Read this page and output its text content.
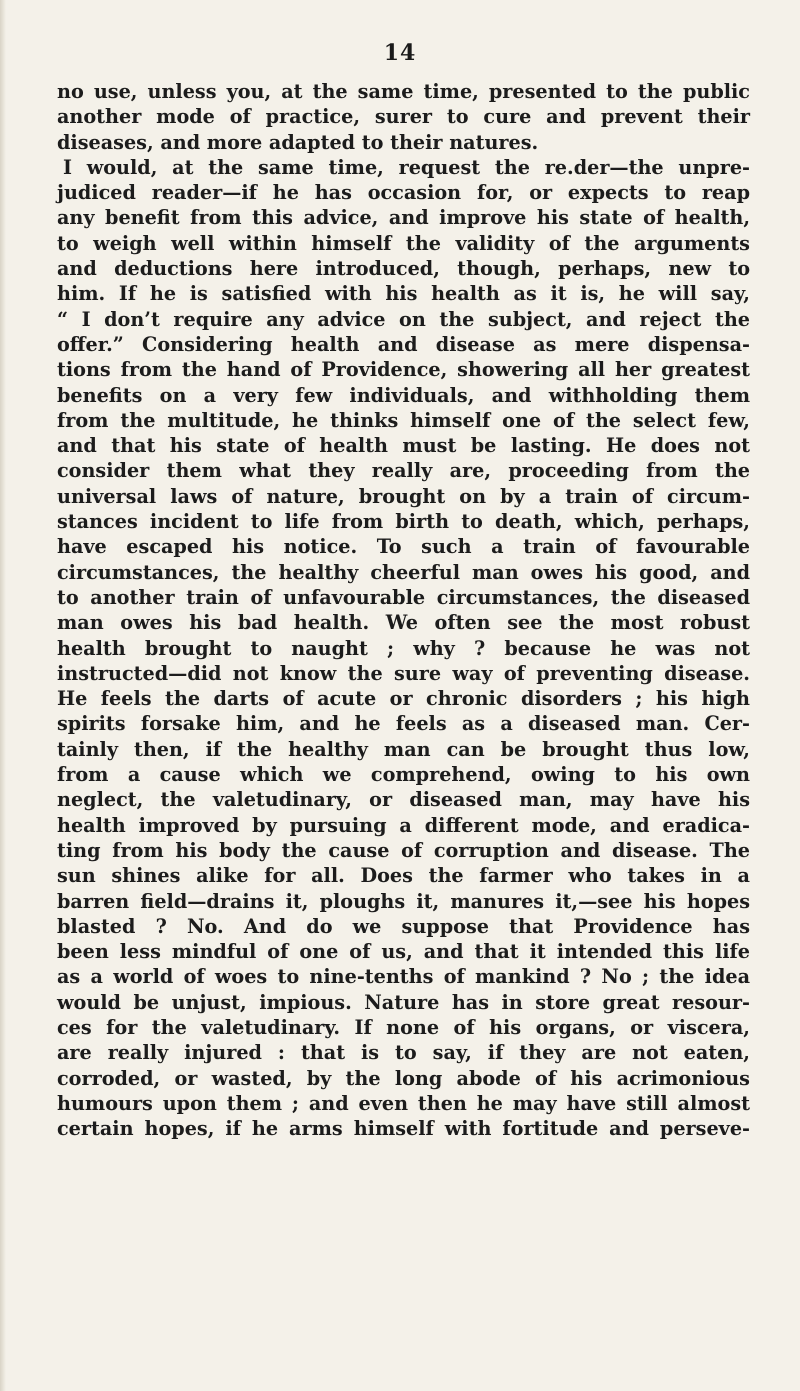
14
no use, unless you, at the same time, presented to the public
another mode of practice, surer to cure and prevent their
diseases, and more adapted to their natures.
I would, at the same time, request the re.der—the unpre-
judiced reader—if he has occasion for, or expects to reap
any benefit from this advice, and improve his state of health,
to weigh well within himself the validity of the arguments
and deductions here introduced, though, perhaps, new to
him. If he is satisfied with his health as it is, he will say,
“ I don’t require any advice on the subject, and reject the
offer.” Considering health and disease as mere dispensa-
tions from the hand of Providence, showering all her greatest
benefits on a very few individuals, and withholding them
from the multitude, he thinks himself one of the select few,
and that his state of health must be lasting. He does not
consider them what they really are, proceeding from the
universal laws of nature, brought on by a train of circum-
stances incident to life from birth to death, which, perhaps,
have escaped his notice. To such a train of favourable
circumstances, the healthy cheerful man owes his good, and
to another train of unfavourable circumstances, the diseased
man owes his bad health. We often see the most robust
health brought to naught ; why ? because he was not
instructed—did not know the sure way of preventing disease.
He feels the darts of acute or chronic disorders ; his high
spirits forsake him, and he feels as a diseased man. Cer-
tainly then, if the healthy man can be brought thus low,
from a cause which we comprehend, owing to his own
neglect, the valetudinary, or diseased man, may have his
health improved by pursuing a different mode, and eradica-
ting from his body the cause of corruption and disease. The
sun shines alike for all. Does the farmer who takes in a
barren field—drains it, ploughs it, manures it,—see his hopes
blasted ? No. And do we suppose that Providence has
been less mindful of one of us, and that it intended this life
as a world of woes to nine-tenths of mankind ? No ; the idea
would be unjust, impious. Nature has in store great resour-
ces for the valetudinary. If none of his organs, or viscera,
are really injured : that is to say, if they are not eaten,
corroded, or wasted, by the long abode of his acrimonious
humours upon them ; and even then he may have still almost
certain hopes, if he arms himself with fortitude and perseve-
